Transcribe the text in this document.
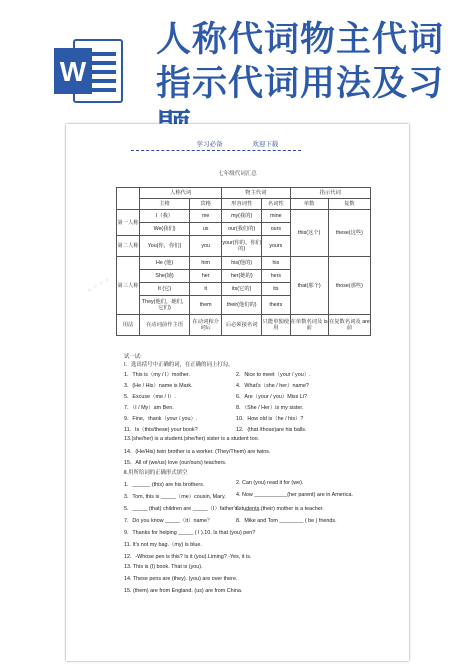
W
人称代词物主代词
指示代词用法及习
····
学习必备	欢迎下载
七年级代词汇总
	人称代词		物主代词		指示代词	
	主格	宾格	形容词性	名词性	单数	复数
第一人称	I（我）	me	my(我的)	mine	this(这个)	these(这些)
	We(我们)	us	our(我们的)	ours		
第二人称	You(你，你们)	you	your(你的，你们的)	yours		
第三人称	He (他)	him	his(他的)	his	that(那个)	those(那些)
	She(她)	her	her(她的)	hers		
	It (它)	it	its(它的)	its		
	They(他们，她们，它们)	them	their(他们的)	theirs		
用法	在动词前作主语	在动词和介词后	后必须接名词	只能单独使用	在单数名词及 is 前	在复数名词及 are 前
试一试:
Ⅰ．选出括号中正确的词，在正确的词上打勾。
1．This is（my / I）mother.
3．(He / His）name is Mark.
5．Excuse（me / I）.
7．（I / My）am Ben.
9．Fine，thank（your / you）.
11．Is（this/these) your book?
13.(she/her) is a student.(she/her) sister is a student too.
14．(He/His) twin brother is a worker. (They/Them) are twins.
15．All of (we/us) love (our/ours) teachers.
Ⅱ.用所给词的正确形式填空
1．______ (this) are his brothers.
3．Tom, this is _____（me）cousin, Mary.
5．_____ (that) children are _____（I）father's students.
7．Do you know _____（it）name？
9．Thanks for helping _____ ( I ).10. Is that (you) pen?
11. It's not my bag.（my) is blue.
12．-Whose pen is this? Is it (you).Liming? -Yes, it is.
13. This is (I) book. That is (you).
14. These pens are (they). (you) are over there.
15. (them) are from England. (us) are from China.
2．Nice to meet（your / you）.
4．What's（she / her）name?
6．Are（your / you）Miss Li?
8．（She / Her）is my sister.
10．How old is（he / his）?
12．(that /those)are his balls.
2. Can (you) read it for (we).
4. Now ___________(her parent) are in America.
6．_____ (their) mother is a teacher.
8．Mike and Tom ________ ( be ) friends.
